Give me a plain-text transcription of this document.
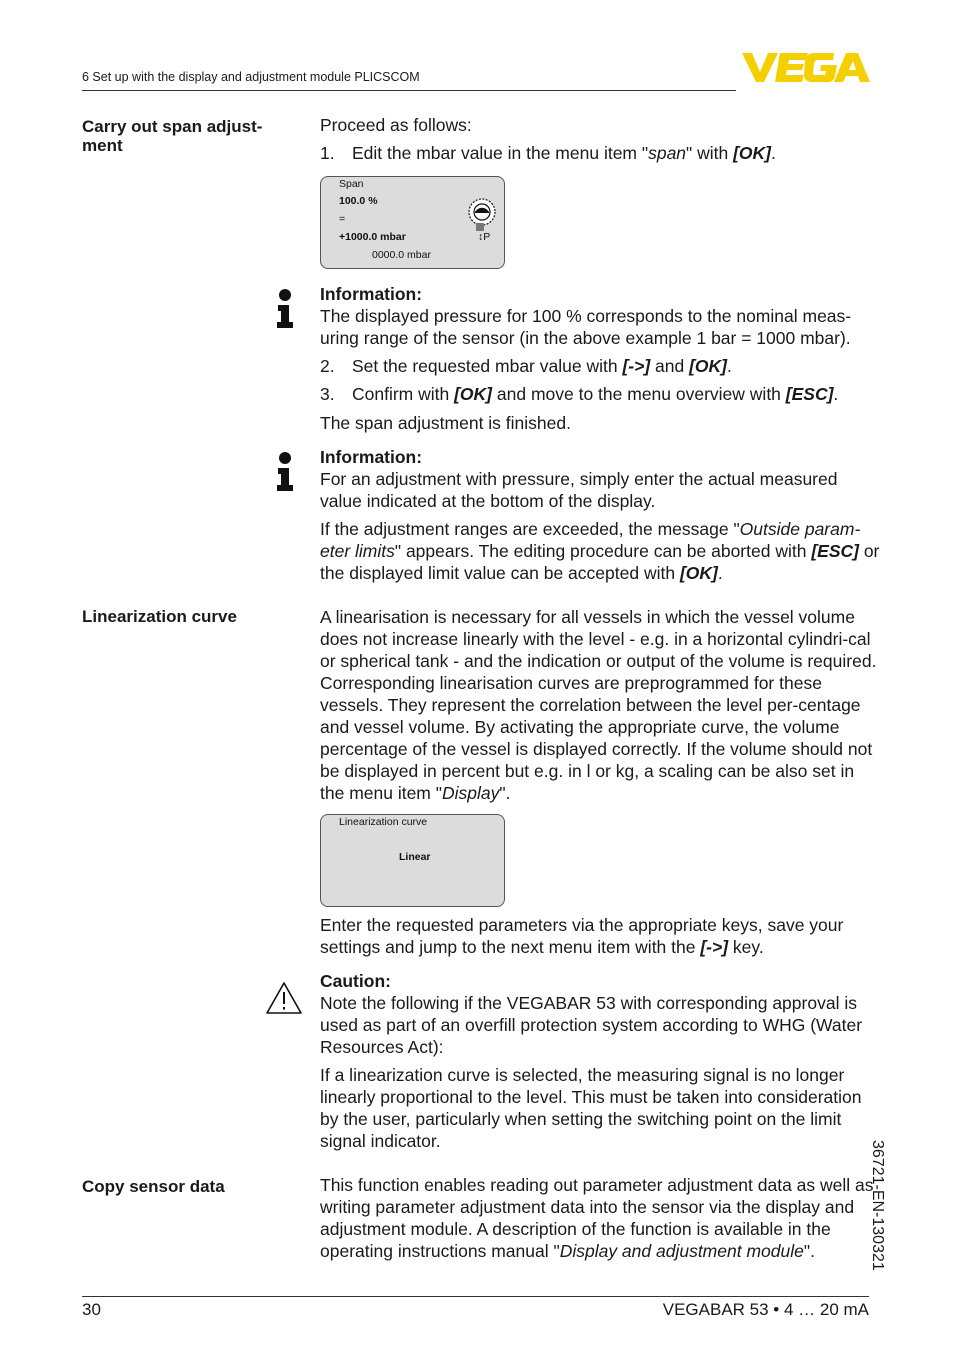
6 Set up with the display and adjustment module PLICSCOM
Carry out span adjust-
ment

Proceed as follows:

1. Edit the mbar value in the menu item "span" with [OK].

Span
100.0 %
=
+1000.0 mbar
0000.0 mbar
↕P

Information:

The displayed pressure for 100 % corresponds to the nominal meas-uring range of the sensor (in the above example 1 bar = 1000 mbar).

2. Set the requested mbar value with [->] and [OK].

3. Confirm with [OK] and move to the menu overview with [ESC].

The span adjustment is finished.

Information:

For an adjustment with pressure, simply enter the actual measured value indicated at the bottom of the display.

If the adjustment ranges are exceeded, the message "Outside param-eter limits" appears. The editing procedure can be aborted with [ESC] or the displayed limit value can be accepted with [OK].

Linearization curve	A linearisation is necessary for all vessels in which the vessel volume does not increase linearly with the level - e.g. in a horizontal cylindri-cal or spherical tank - and the indication or output of the volume is required. Corresponding linearisation curves are preprogrammed for these vessels. They represent the correlation between the level per-centage and vessel volume. By activating the appropriate curve, the volume percentage of the vessel is displayed correctly. If the volume should not be displayed in percent but e.g. in l or kg, a scaling can be also set in the menu item "Display".

Linearization curve
Linear

Enter the requested parameters via the appropriate keys, save your settings and jump to the next menu item with the [->] key.

Caution:

Note the following if the VEGABAR 53 with corresponding approval is used as part of an overfill protection system according to WHG (Water Resources Act):

If a linearization curve is selected, the measuring signal is no longer linearly proportional to the level. This must be taken into consideration by the user, particularly when setting the switching point on the limit signal indicator.

Copy sensor data	This function enables reading out parameter adjustment data as well as writing parameter adjustment data into the sensor via the display and adjustment module. A description of the function is available in the operating instructions manual "Display and adjustment module".	36721-EN-130321
30	VEGABAR 53 • 4 … 20 mA
